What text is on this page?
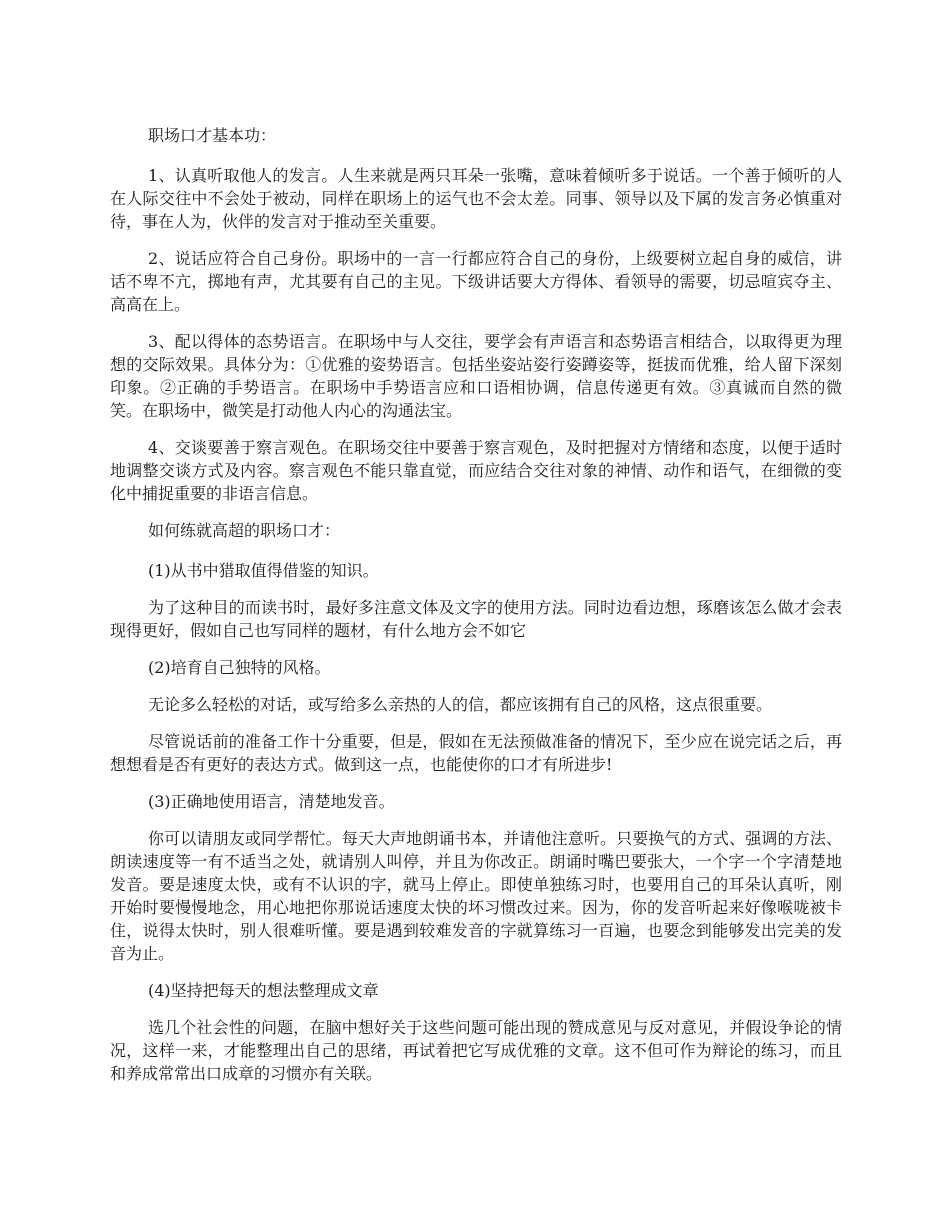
职场口才基本功：

1、认真听取他人的发言。人生来就是两只耳朵一张嘴，意味着倾听多于说话。一个善于倾听的人在人际交往中不会处于被动，同样在职场上的运气也不会太差。同事、领导以及下属的发言务必慎重对待，事在人为，伙伴的发言对于推动至关重要。

2、说话应符合自己身份。职场中的一言一行都应符合自己的身份，上级要树立起自身的威信，讲话不卑不亢，掷地有声，尤其要有自己的主见。下级讲话要大方得体、看领导的需要，切忌喧宾夺主、高高在上。

3、配以得体的态势语言。在职场中与人交往，要学会有声语言和态势语言相结合，以取得更为理想的交际效果。具体分为：①优雅的姿势语言。包括坐姿站姿行姿蹲姿等，挺拔而优雅，给人留下深刻印象。②正确的手势语言。在职场中手势语言应和口语相协调，信息传递更有效。③真诚而自然的微笑。在职场中，微笑是打动他人内心的沟通法宝。

4、交谈要善于察言观色。在职场交往中要善于察言观色，及时把握对方情绪和态度，以便于适时地调整交谈方式及内容。察言观色不能只靠直觉，而应结合交往对象的神情、动作和语气，在细微的变化中捕捉重要的非语言信息。

如何练就高超的职场口才：

(1)从书中猎取值得借鉴的知识。

为了这种目的而读书时，最好多注意文体及文字的使用方法。同时边看边想，琢磨该怎么做才会表现得更好，假如自己也写同样的题材，有什么地方会不如它

(2)培育自己独特的风格。

无论多么轻松的对话，或写给多么亲热的人的信，都应该拥有自己的风格，这点很重要。

尽管说话前的准备工作十分重要，但是，假如在无法预做准备的情况下，至少应在说完话之后，再想想看是否有更好的表达方式。做到这一点，也能使你的口才有所进步!

(3)正确地使用语言，清楚地发音。

你可以请朋友或同学帮忙。每天大声地朗诵书本，并请他注意听。只要换气的方式、强调的方法、朗读速度等一有不适当之处，就请别人叫停，并且为你改正。朗诵时嘴巴要张大，一个字一个字清楚地发音。要是速度太快，或有不认识的字，就马上停止。即使单独练习时，也要用自己的耳朵认真听，刚开始时要慢慢地念，用心地把你那说话速度太快的坏习惯改过来。因为，你的发音听起来好像喉咙被卡住，说得太快时，别人很难听懂。要是遇到较难发音的字就算练习一百遍，也要念到能够发出完美的发音为止。

(4)坚持把每天的想法整理成文章

选几个社会性的问题，在脑中想好关于这些问题可能出现的赞成意见与反对意见，并假设争论的情况，这样一来，才能整理出自己的思绪，再试着把它写成优雅的文章。这不但可作为辩论的练习，而且和养成常常出口成章的习惯亦有关联。
